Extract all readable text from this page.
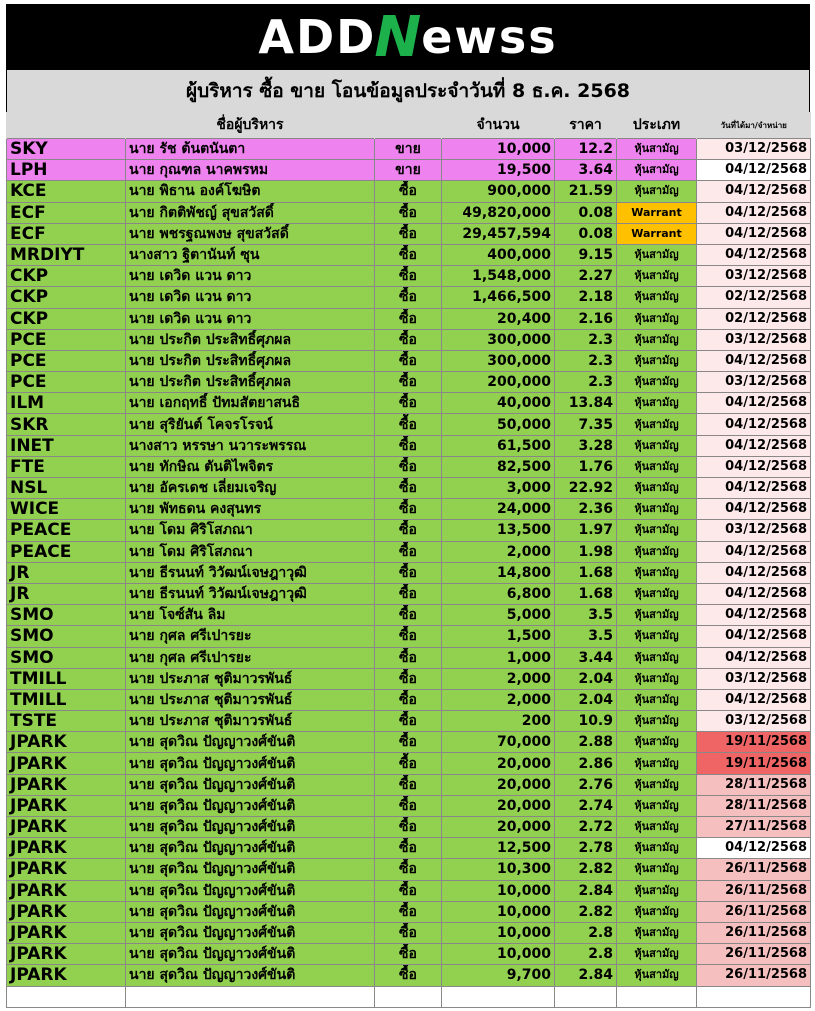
ADD
N
ewss
ผู้บริหาร ซื้อ ขาย โอนข้อมูลประจำวันที่ 8 ธ.ค. 2568
	ชื่อผู้บริหาร		จำนวน	ราคา	ประเภท	วันที่ได้มา/จำหน่าย
SKY	นาย รัช ต้นตนันตา	ขาย	10,000	12.2	หุ้นสามัญ	03/12/2568
LPH	นาย กุณฑล นาคพรหม	ขาย	19,500	3.64	หุ้นสามัญ	04/12/2568
KCE	นาย พิธาน องค์โฆษิต	ซื้อ	900,000	21.59	หุ้นสามัญ	04/12/2568
ECF	นาย กิตติพัชญ์ สุขสวัสดิ์	ซื้อ	49,820,000	0.08	Warrant	04/12/2568
ECF	นาย พชรฐณพงษ สุขสวัสดิ์	ซื้อ	29,457,594	0.08	Warrant	04/12/2568
MRDIYT	นางสาว ฐิตานันท์ ซุน	ซื้อ	400,000	9.15	หุ้นสามัญ	04/12/2568
CKP	นาย เดวิด แวน ดาว	ซื้อ	1,548,000	2.27	หุ้นสามัญ	03/12/2568
CKP	นาย เดวิด แวน ดาว	ซื้อ	1,466,500	2.18	หุ้นสามัญ	02/12/2568
CKP	นาย เดวิด แวน ดาว	ซื้อ	20,400	2.16	หุ้นสามัญ	02/12/2568
PCE	นาย ประกิต ประสิทธิ์ศุภผล	ซื้อ	300,000	2.3	หุ้นสามัญ	03/12/2568
PCE	นาย ประกิต ประสิทธิ์ศุภผล	ซื้อ	300,000	2.3	หุ้นสามัญ	04/12/2568
PCE	นาย ประกิต ประสิทธิ์ศุภผล	ซื้อ	200,000	2.3	หุ้นสามัญ	03/12/2568
ILM	นาย เอกฤทธิ์ ปัทมสัตยาสนธิ	ซื้อ	40,000	13.84	หุ้นสามัญ	04/12/2568
SKR	นาย สุริยันต์ โคจรโรจน์	ซื้อ	50,000	7.35	หุ้นสามัญ	04/12/2568
INET	นางสาว หรรษา นวาระพรรณ	ซื้อ	61,500	3.28	หุ้นสามัญ	04/12/2568
FTE	นาย ทักษิณ ตันติไพจิตร	ซื้อ	82,500	1.76	หุ้นสามัญ	04/12/2568
NSL	นาย อัครเดช เลี่ยมเจริญ	ซื้อ	3,000	22.92	หุ้นสามัญ	04/12/2568
WICE	นาย พัทธดน คงสุนทร	ซื้อ	24,000	2.36	หุ้นสามัญ	04/12/2568
PEACE	นาย โดม ศิริโสภณา	ซื้อ	13,500	1.97	หุ้นสามัญ	03/12/2568
PEACE	นาย โดม ศิริโสภณา	ซื้อ	2,000	1.98	หุ้นสามัญ	04/12/2568
JR	นาย ธีรนนท์ วิวัฒน์เจษฎาวุฒิ	ซื้อ	14,800	1.68	หุ้นสามัญ	04/12/2568
JR	นาย ธีรนนท์ วิวัฒน์เจษฎาวุฒิ	ซื้อ	6,800	1.68	หุ้นสามัญ	04/12/2568
SMO	นาย โจซ์สัน ลิม	ซื้อ	5,000	3.5	หุ้นสามัญ	04/12/2568
SMO	นาย กุศล ศรีเปารยะ	ซื้อ	1,500	3.5	หุ้นสามัญ	04/12/2568
SMO	นาย กุศล ศรีเปารยะ	ซื้อ	1,000	3.44	หุ้นสามัญ	04/12/2568
TMILL	นาย ประภาส ชุติมาวรพันธ์	ซื้อ	2,000	2.04	หุ้นสามัญ	03/12/2568
TMILL	นาย ประภาส ชุติมาวรพันธ์	ซื้อ	2,000	2.04	หุ้นสามัญ	04/12/2568
TSTE	นาย ประภาส ชุติมาวรพันธ์	ซื้อ	200	10.9	หุ้นสามัญ	03/12/2568
JPARK	นาย สุดวิณ ปัญญาวงศ์ขันติ	ซื้อ	70,000	2.88	หุ้นสามัญ	19/11/2568
JPARK	นาย สุดวิณ ปัญญาวงศ์ขันติ	ซื้อ	20,000	2.86	หุ้นสามัญ	19/11/2568
JPARK	นาย สุดวิณ ปัญญาวงศ์ขันติ	ซื้อ	20,000	2.76	หุ้นสามัญ	28/11/2568
JPARK	นาย สุดวิณ ปัญญาวงศ์ขันติ	ซื้อ	20,000	2.74	หุ้นสามัญ	28/11/2568
JPARK	นาย สุดวิณ ปัญญาวงศ์ขันติ	ซื้อ	20,000	2.72	หุ้นสามัญ	27/11/2568
JPARK	นาย สุดวิณ ปัญญาวงศ์ขันติ	ซื้อ	12,500	2.78	หุ้นสามัญ	04/12/2568
JPARK	นาย สุดวิณ ปัญญาวงศ์ขันติ	ซื้อ	10,300	2.82	หุ้นสามัญ	26/11/2568
JPARK	นาย สุดวิณ ปัญญาวงศ์ขันติ	ซื้อ	10,000	2.84	หุ้นสามัญ	26/11/2568
JPARK	นาย สุดวิณ ปัญญาวงศ์ขันติ	ซื้อ	10,000	2.82	หุ้นสามัญ	26/11/2568
JPARK	นาย สุดวิณ ปัญญาวงศ์ขันติ	ซื้อ	10,000	2.8	หุ้นสามัญ	26/11/2568
JPARK	นาย สุดวิณ ปัญญาวงศ์ขันติ	ซื้อ	10,000	2.8	หุ้นสามัญ	26/11/2568
JPARK	นาย สุดวิณ ปัญญาวงศ์ขันติ	ซื้อ	9,700	2.84	หุ้นสามัญ	26/11/2568
